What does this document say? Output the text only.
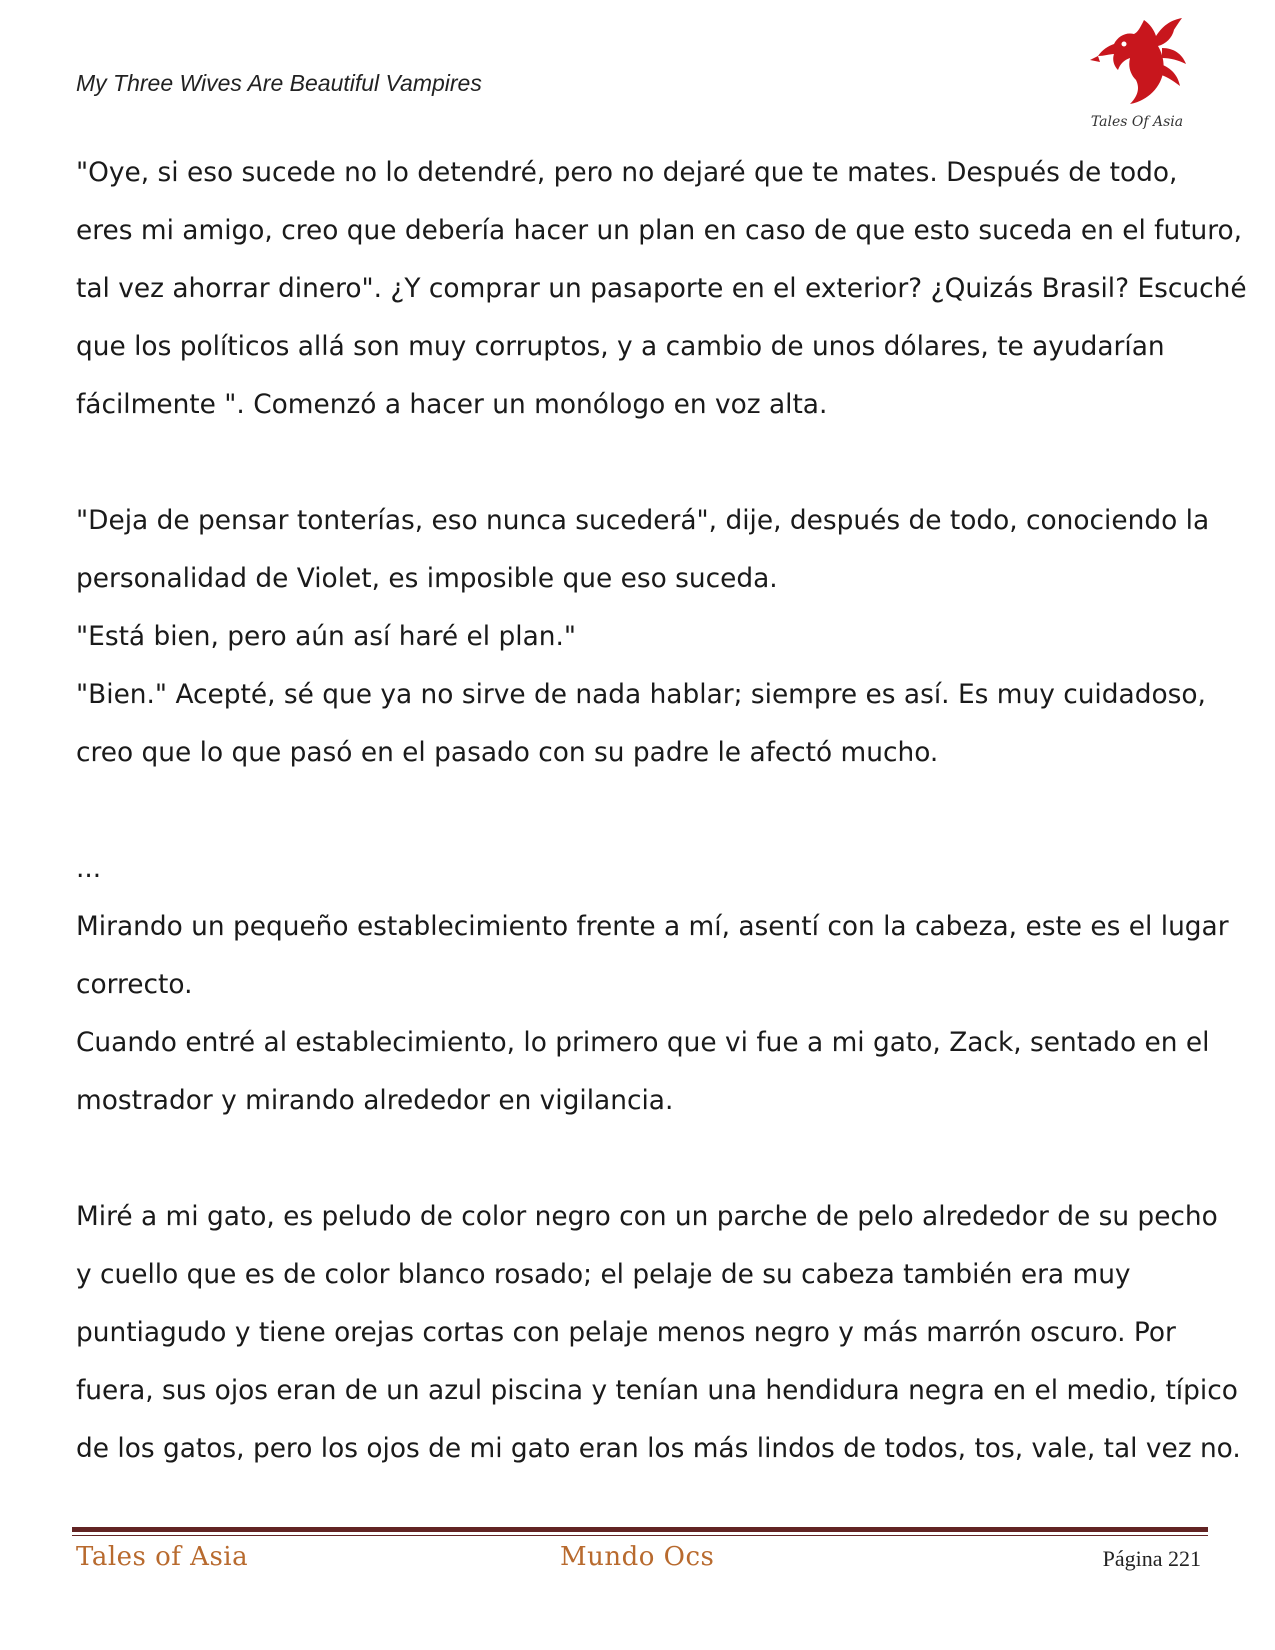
My Three Wives Are Beautiful Vampires
Tales Of Asia
"Oye, si eso sucede no lo detendré, pero no dejaré que te mates. Después de todo,
eres mi amigo, creo que debería hacer un plan en caso de que esto suceda en el futuro,
tal vez ahorrar dinero". ¿Y comprar un pasaporte en el exterior? ¿Quizás Brasil? Escuché
que los políticos allá son muy corruptos, y a cambio de unos dólares, te ayudarían
fácilmente ". Comenzó a hacer un monólogo en voz alta.
"Deja de pensar tonterías, eso nunca sucederá", dije, después de todo, conociendo la
personalidad de Violet, es imposible que eso suceda.
"Está bien, pero aún así haré el plan."
"Bien." Acepté, sé que ya no sirve de nada hablar; siempre es así. Es muy cuidadoso,
creo que lo que pasó en el pasado con su padre le afectó mucho.
...
Mirando un pequeño establecimiento frente a mí, asentí con la cabeza, este es el lugar
correcto.
Cuando entré al establecimiento, lo primero que vi fue a mi gato, Zack, sentado en el
mostrador y mirando alrededor en vigilancia.
Miré a mi gato, es peludo de color negro con un parche de pelo alrededor de su pecho
y cuello que es de color blanco rosado; el pelaje de su cabeza también era muy
puntiagudo y tiene orejas cortas con pelaje menos negro y más marrón oscuro. Por
fuera, sus ojos eran de un azul piscina y tenían una hendidura negra en el medio, típico
de los gatos, pero los ojos de mi gato eran los más lindos de todos, tos, vale, tal vez no.
Tales of Asia	Mundo Ocs	Página 221
